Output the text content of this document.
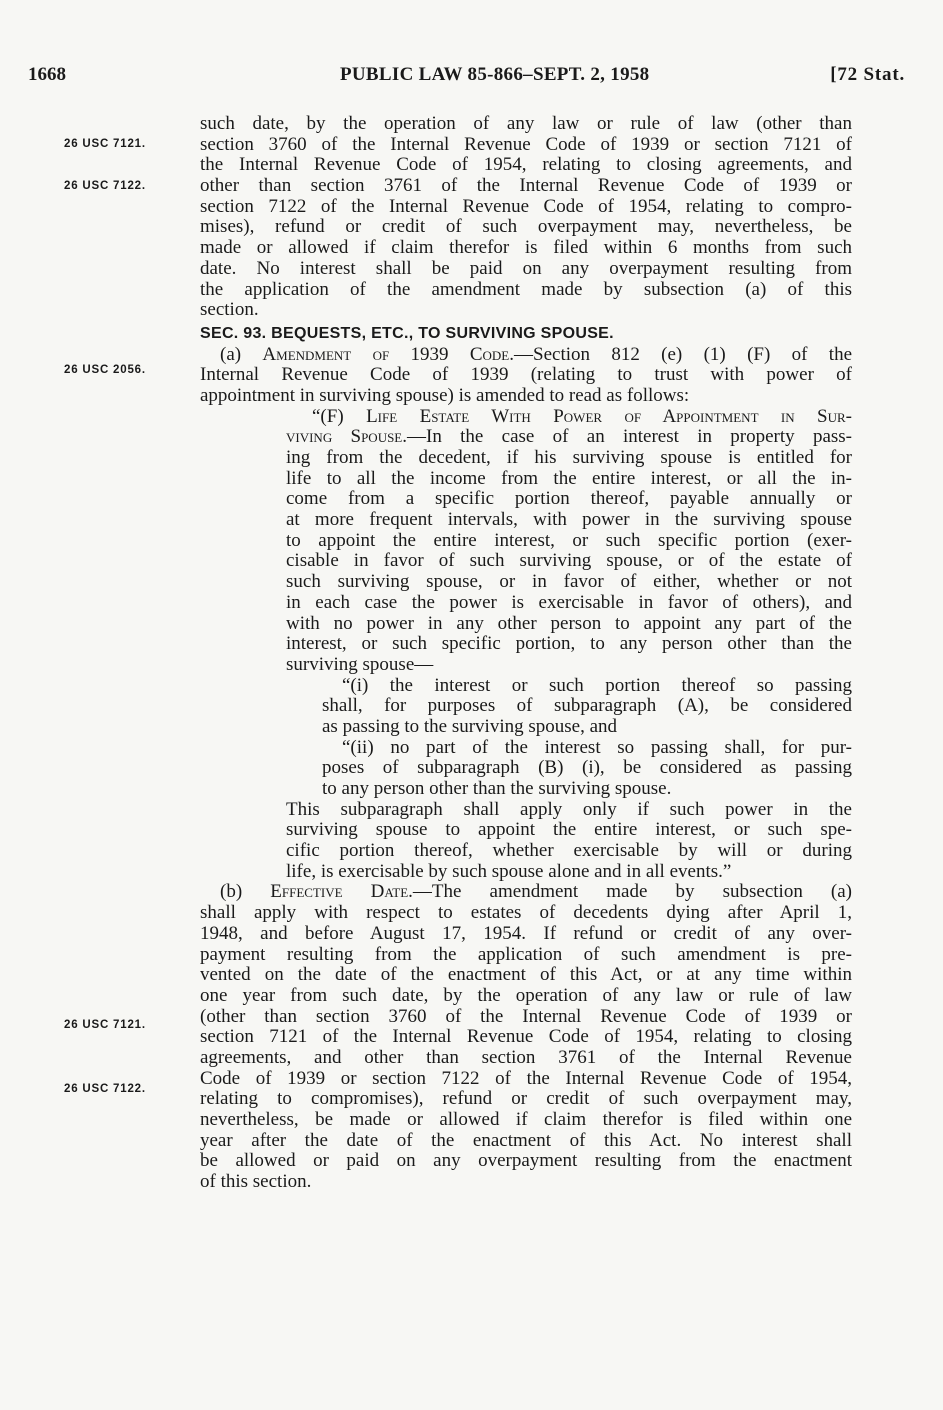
1668	PUBLIC LAW 85-866–SEPT. 2, 1958	[72 Stat.
26 USC 7121.
26 USC 7122.
26 USC 2056.
26 USC 7121.
26 USC 7122.
such date, by the operation of any law or rule of law (other than
section 3760 of the Internal Revenue Code of 1939 or section 7121 of
the Internal Revenue Code of 1954, relating to closing agreements, and
other than section 3761 of the Internal Revenue Code of 1939 or
section 7122 of the Internal Revenue Code of 1954, relating to compro-
mises), refund or credit of such overpayment may, nevertheless, be
made or allowed if claim therefor is filed within 6 months from such
date. No interest shall be paid on any overpayment resulting from
the application of the amendment made by subsection (a) of this
section.
SEC. 93. BEQUESTS, ETC., TO SURVIVING SPOUSE.
(a) Amendment of 1939 Code.—Section 812 (e) (1) (F) of the
Internal Revenue Code of 1939 (relating to trust with power of
appointment in surviving spouse) is amended to read as follows:
“(F) Life Estate With Power of Appointment in Sur-
viving Spouse.—In the case of an interest in property pass-
ing from the decedent, if his surviving spouse is entitled for
life to all the income from the entire interest, or all the in-
come from a specific portion thereof, payable annually or
at more frequent intervals, with power in the surviving spouse
to appoint the entire interest, or such specific portion (exer-
cisable in favor of such surviving spouse, or of the estate of
such surviving spouse, or in favor of either, whether or not
in each case the power is exercisable in favor of others), and
with no power in any other person to appoint any part of the
interest, or such specific portion, to any person other than the
surviving spouse—
“(i) the interest or such portion thereof so passing
shall, for purposes of subparagraph (A), be considered
as passing to the surviving spouse, and
“(ii) no part of the interest so passing shall, for pur-
poses of subparagraph (B) (i), be considered as passing
to any person other than the surviving spouse.
This subparagraph shall apply only if such power in the
surviving spouse to appoint the entire interest, or such spe-
cific portion thereof, whether exercisable by will or during
life, is exercisable by such spouse alone and in all events.”
(b) Effective Date.—The amendment made by subsection (a)
shall apply with respect to estates of decedents dying after April 1,
1948, and before August 17, 1954. If refund or credit of any over-
payment resulting from the application of such amendment is pre-
vented on the date of the enactment of this Act, or at any time within
one year from such date, by the operation of any law or rule of law
(other than section 3760 of the Internal Revenue Code of 1939 or
section 7121 of the Internal Revenue Code of 1954, relating to closing
agreements, and other than section 3761 of the Internal Revenue
Code of 1939 or section 7122 of the Internal Revenue Code of 1954,
relating to compromises), refund or credit of such overpayment may,
nevertheless, be made or allowed if claim therefor is filed within one
year after the date of the enactment of this Act. No interest shall
be allowed or paid on any overpayment resulting from the enactment
of this section.
